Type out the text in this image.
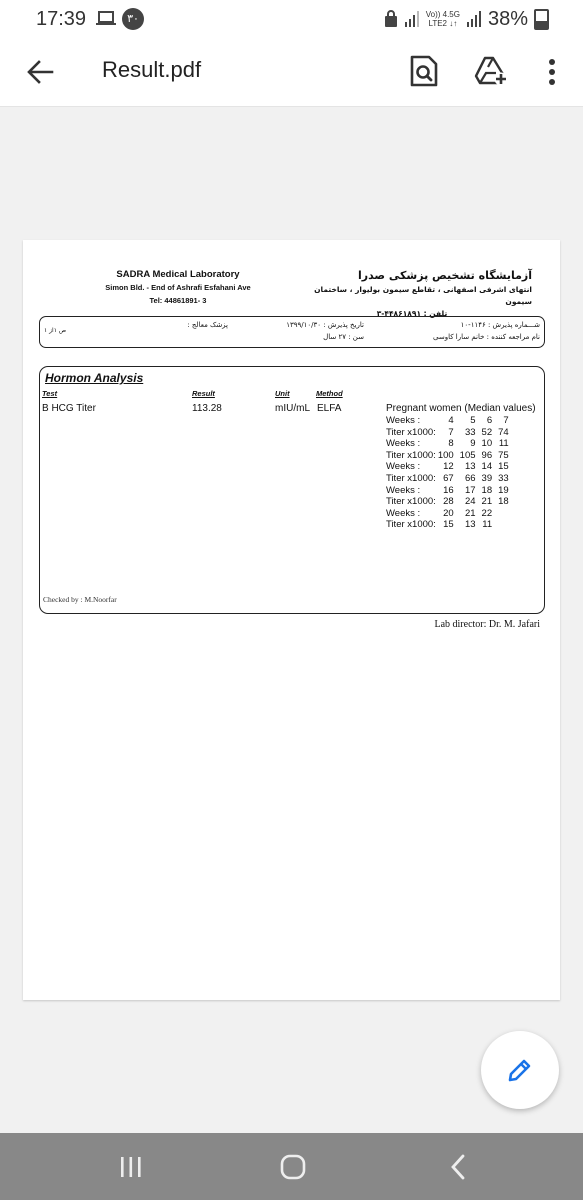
17:39	۳۰	Vo)) 4.5G
LTE2 ↓↑ 38%
Result.pdf
SADRA Medical Laboratory
Simon Bld. - End of Ashrafi Esfahani Ave
Tel: 44861891- 3
آزمایشگاه تشخیص پزشکی صدرا
انتهای اشرفی اصفهانی ، تقاطع سیمون بولیوار ، ساختمان سیمون
تلفن : ۴۴۸۶۱۸۹۱-۳
شـــماره پذیرش : ۱۱۴۶-۱۰
نام مراجعه کننده : خانم سارا کاوسی
تاریخ پذیرش : ۱۳۹۹/۱۰/۳۰
سن : ۲۷ سال
پزشک معالج :
ص ۱از ۱
Hormon Analysis
Test	Result	Unit	Method
B HCG Titer	113.28	mIU/mL ELFA	Pregnant women (Median values)
Weeks :	4	5	6	7
Titer x1000:	7	33	52	74
Weeks :	8	9	10	11
Titer x1000:	100	105	96	75
Weeks :	12	13	14	15
Titer x1000:	67	66	39	33
Weeks :	16	17	18	19
Titer x1000:	28	24	21	18
Weeks :	20	21	22	
Titer x1000:	15	13	11	
Checked by : M.Noorfar
Lab director: Dr. M. Jafari
